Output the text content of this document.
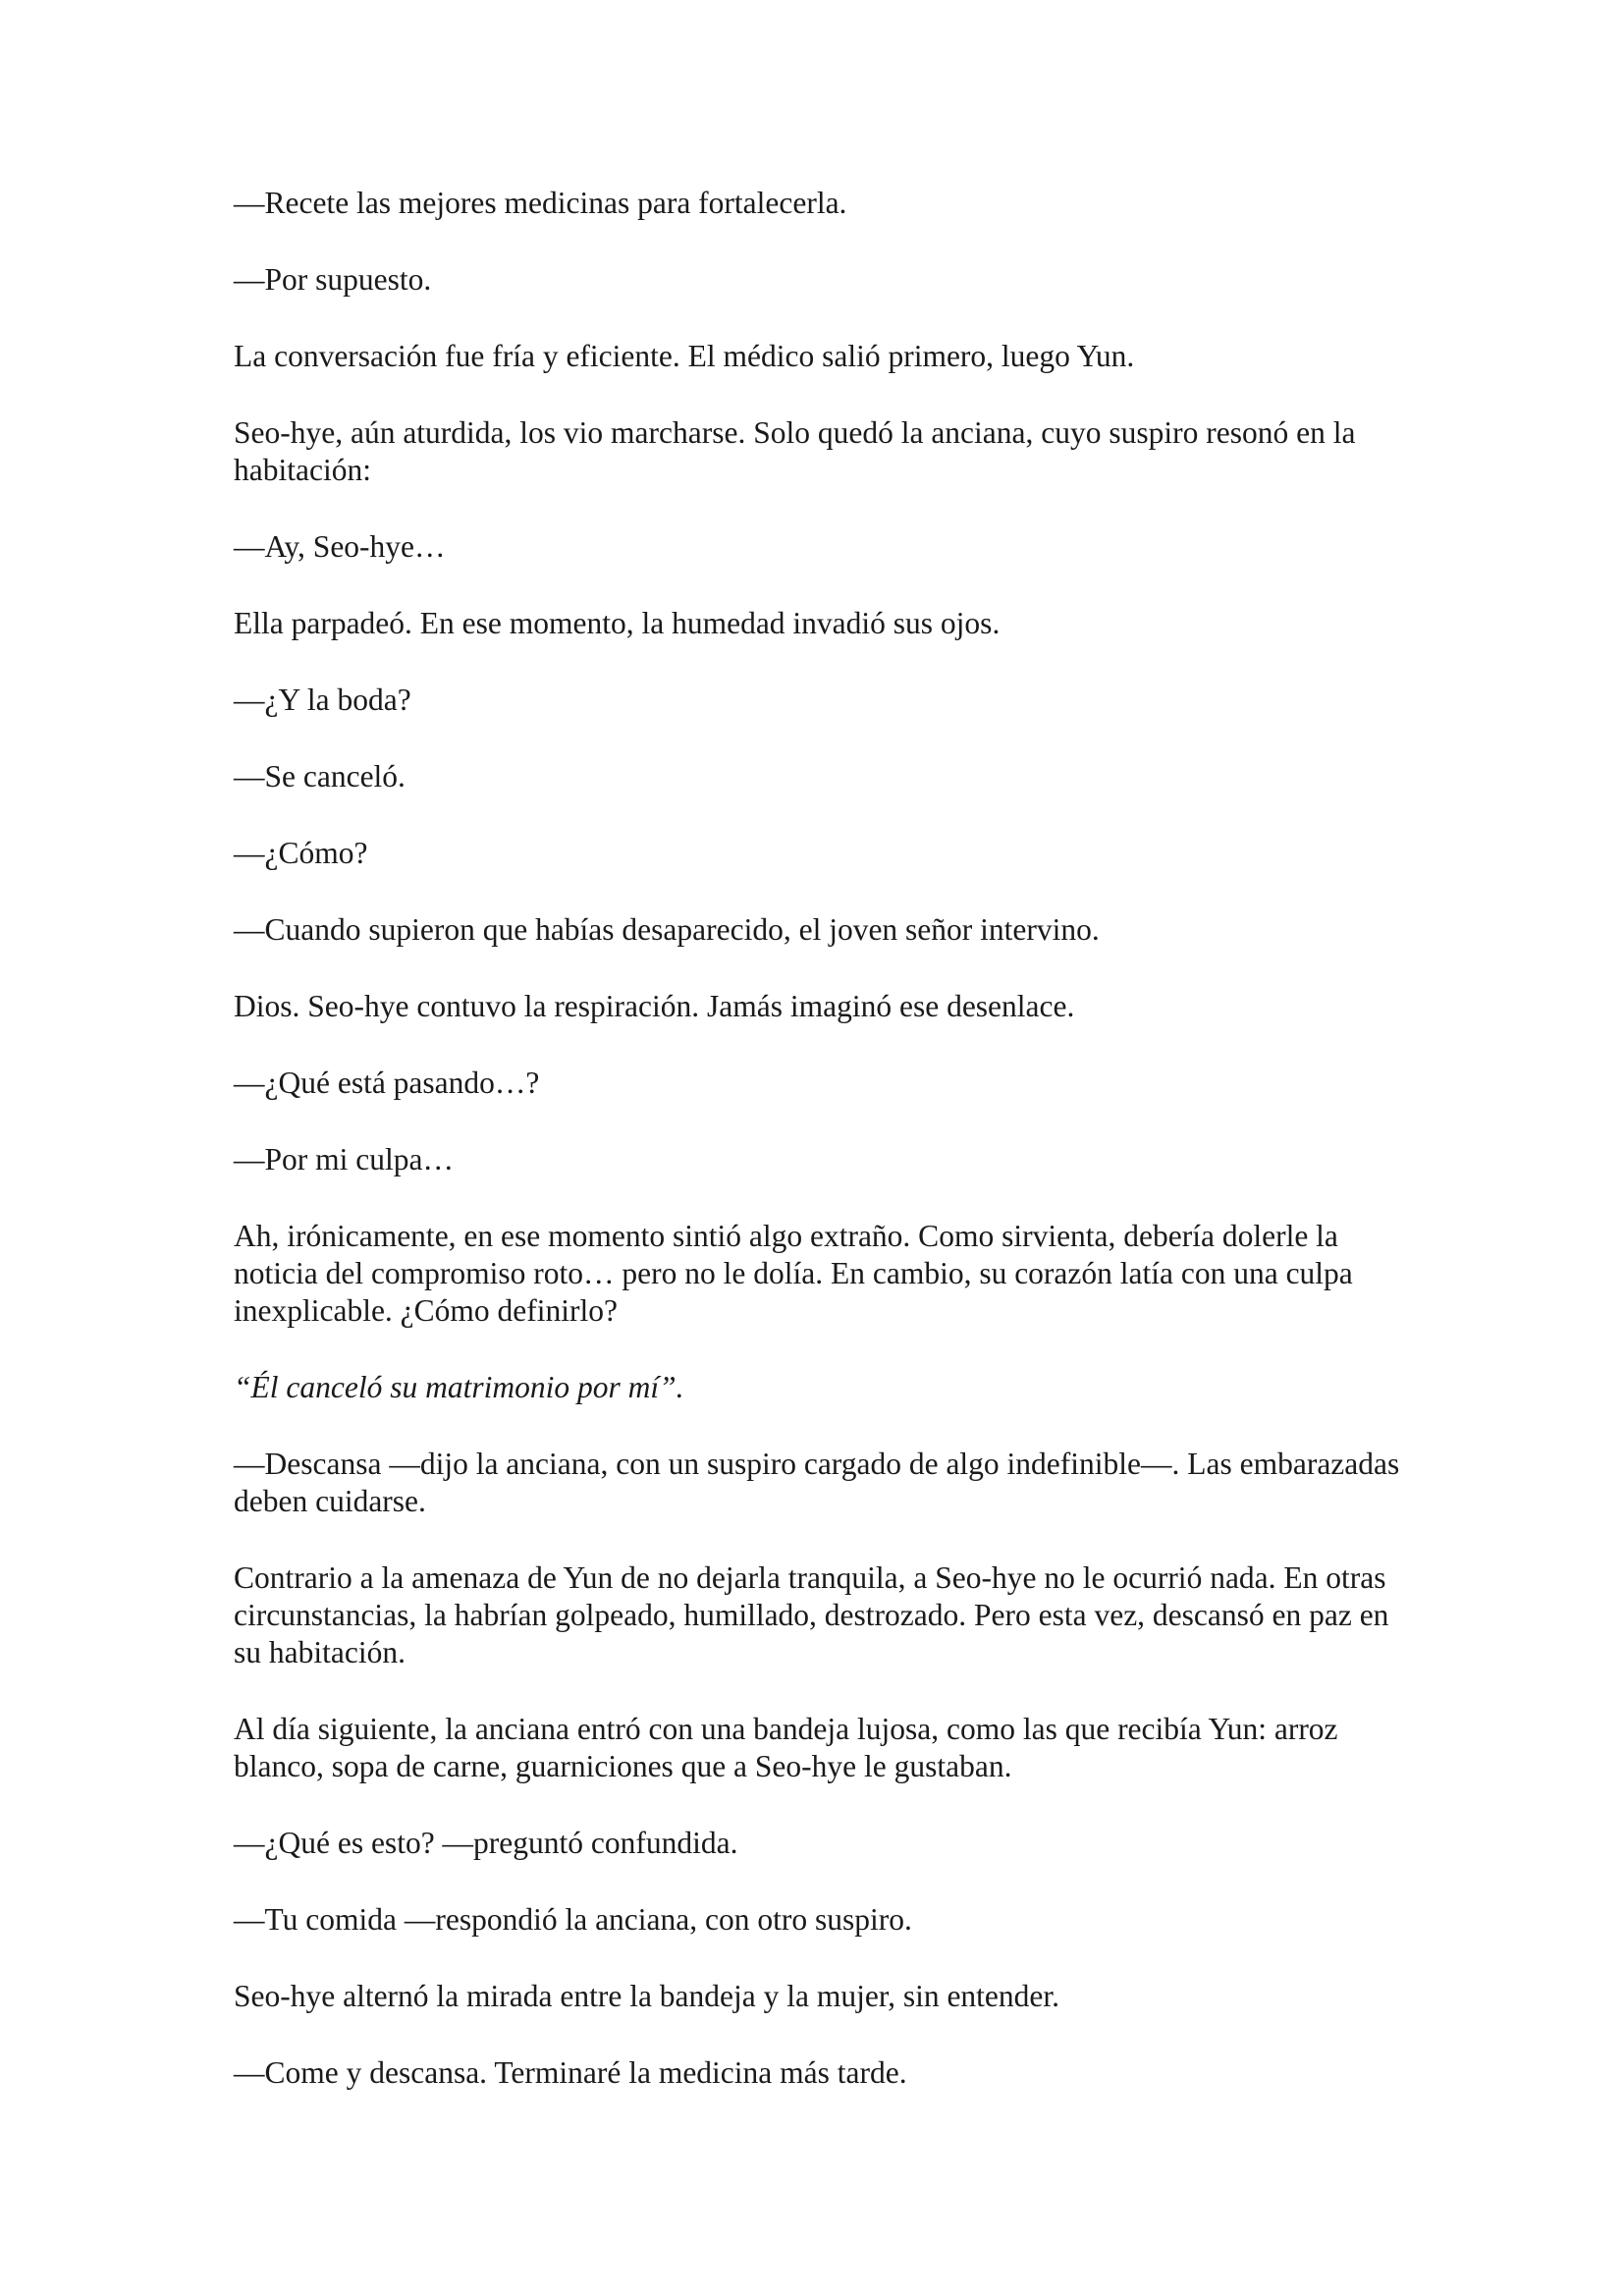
—Recete las mejores medicinas para fortalecerla.

—Por supuesto.

La conversación fue fría y eficiente. El médico salió primero, luego Yun.

Seo-hye, aún aturdida, los vio marcharse. Solo quedó la anciana, cuyo suspiro resonó en la habitación:

—Ay, Seo-hye…

Ella parpadeó. En ese momento, la humedad invadió sus ojos.

—¿Y la boda?

—Se canceló.

—¿Cómo?

—Cuando supieron que habías desaparecido, el joven señor intervino.

Dios. Seo-hye contuvo la respiración. Jamás imaginó ese desenlace.

—¿Qué está pasando…?

—Por mi culpa…

Ah, irónicamente, en ese momento sintió algo extraño. Como sirvienta, debería dolerle la noticia del compromiso roto… pero no le dolía. En cambio, su corazón latía con una culpa inexplicable. ¿Cómo definirlo?

“Él canceló su matrimonio por mí”.

—Descansa —dijo la anciana, con un suspiro cargado de algo indefinible—. Las embarazadas deben cuidarse.

Contrario a la amenaza de Yun de no dejarla tranquila, a Seo-hye no le ocurrió nada. En otras circunstancias, la habrían golpeado, humillado, destrozado. Pero esta vez, descansó en paz en su habitación.

Al día siguiente, la anciana entró con una bandeja lujosa, como las que recibía Yun: arroz blanco, sopa de carne, guarniciones que a Seo-hye le gustaban.

—¿Qué es esto? —preguntó confundida.

—Tu comida —respondió la anciana, con otro suspiro.

Seo-hye alternó la mirada entre la bandeja y la mujer, sin entender.

—Come y descansa. Terminaré la medicina más tarde.
